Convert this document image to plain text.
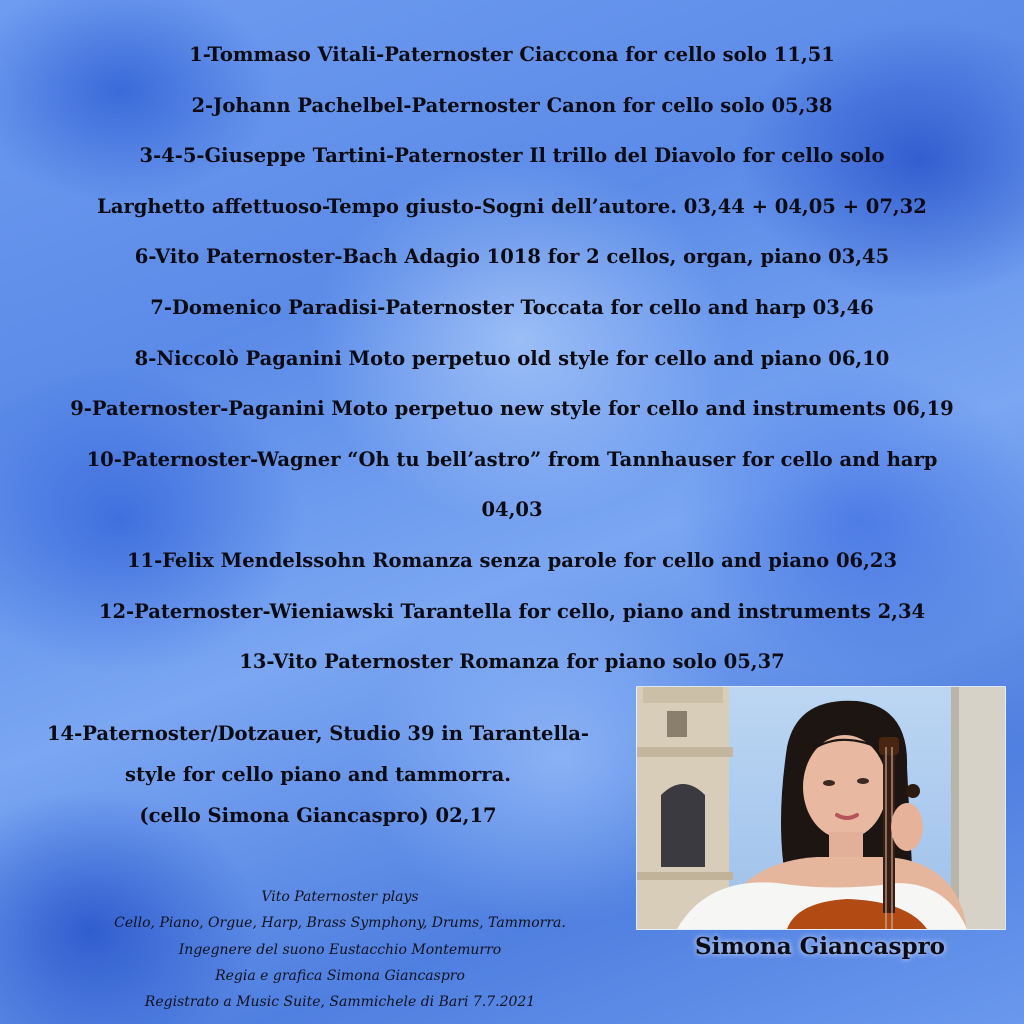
1-Tommaso Vitali-Paternoster Ciaccona for cello solo 11,51
2-Johann Pachelbel-Paternoster Canon for cello solo 05,38
3-4-5-Giuseppe Tartini-Paternoster Il trillo del Diavolo for cello solo
Larghetto affettuoso-Tempo giusto-Sogni dell’autore. 03,44 + 04,05 + 07,32
6-Vito Paternoster-Bach Adagio 1018 for 2 cellos, organ, piano 03,45
7-Domenico Paradisi-Paternoster Toccata for cello and harp 03,46
8-Niccolò Paganini Moto perpetuo old style for cello and piano 06,10
9-Paternoster-Paganini Moto perpetuo new style for cello and instruments 06,19
10-Paternoster-Wagner “Oh tu bell’astro” from Tannhauser for cello and harp
04,03
11-Felix Mendelssohn Romanza senza parole for cello and piano 06,23
12-Paternoster-Wieniawski Tarantella for cello, piano and instruments 2,34
13-Vito Paternoster Romanza for piano solo 05,37
14-Paternoster/Dotzauer, Studio 39 in Tarantella-
style for cello piano and tammorra.
(cello Simona Giancaspro) 02,17
Vito Paternoster plays
Cello, Piano, Orgue, Harp, Brass Symphony, Drums, Tammorra.
Ingegnere del suono Eustacchio Montemurro
Regia e grafica Simona Giancaspro
Registrato a Music Suite, Sammichele di Bari 7.7.2021
Simona Giancaspro
